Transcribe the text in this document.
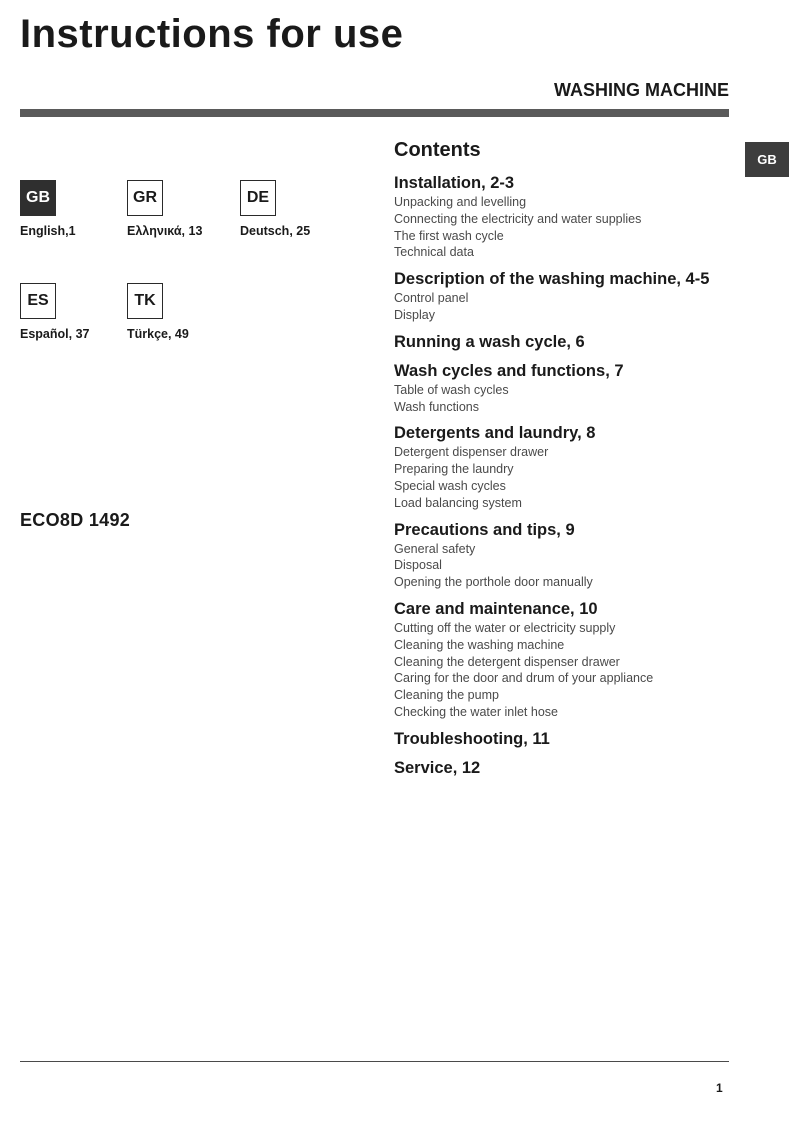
Instructions for use
WASHING MACHINE
GB
GB
English,1
GR
Ελληνικά, 13
DE
Deutsch, 25
ES
Español, 37
TK
Türkçe, 49
ECO8D 1492
Contents
Installation, 2-3
Unpacking and levelling
Connecting the electricity and water supplies
The first wash cycle
Technical data
Description of the washing machine, 4-5
Control panel
Display
Running a wash cycle, 6
Wash cycles and functions, 7
Table of wash cycles
Wash functions
Detergents and laundry, 8
Detergent dispenser drawer
Preparing the laundry
Special wash cycles
Load balancing system
Precautions and tips, 9
General safety
Disposal
Opening the porthole door manually
Care and maintenance, 10
Cutting off the water or electricity supply
Cleaning the washing machine
Cleaning the detergent dispenser drawer
Caring for the door and drum of your appliance
Cleaning the pump
Checking the water inlet hose
Troubleshooting, 11
Service, 12
1
